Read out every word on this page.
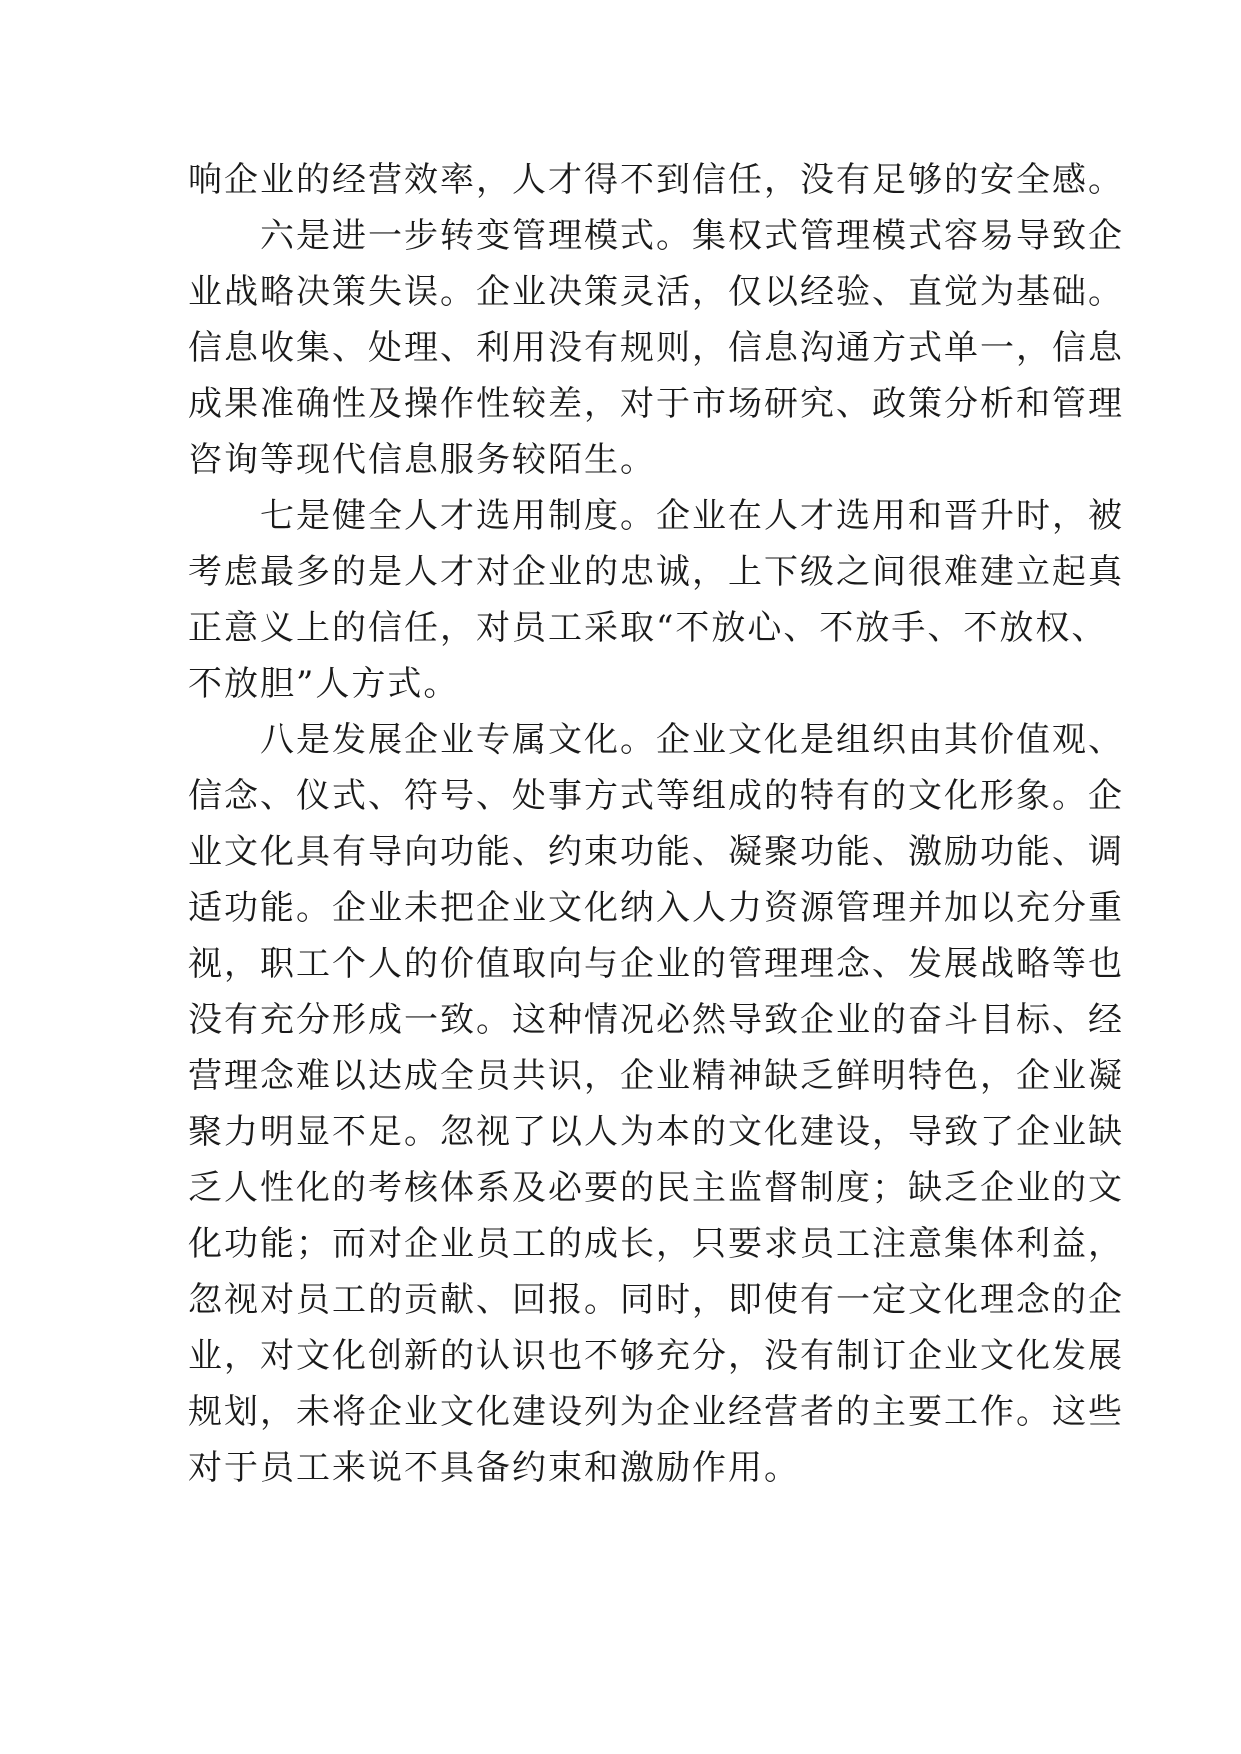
响企业的经营效率，人才得不到信任，没有足够的安全感。
　　六是进一步转变管理模式。集权式管理模式容易导致企
业战略决策失误。企业决策灵活，仅以经验、直觉为基础。
信息收集、处理、利用没有规则，信息沟通方式单一，信息
成果准确性及操作性较差，对于市场研究、政策分析和管理
咨询等现代信息服务较陌生。
　　七是健全人才选用制度。企业在人才选用和晋升时，被
考虑最多的是人才对企业的忠诚，上下级之间很难建立起真
正意义上的信任，对员工采取“不放心、不放手、不放权、
不放胆”人方式。
　　八是发展企业专属文化。企业文化是组织由其价值观、
信念、仪式、符号、处事方式等组成的特有的文化形象。企
业文化具有导向功能、约束功能、凝聚功能、激励功能、调
适功能。企业未把企业文化纳入人力资源管理并加以充分重
视，职工个人的价值取向与企业的管理理念、发展战略等也
没有充分形成一致。这种情况必然导致企业的奋斗目标、经
营理念难以达成全员共识，企业精神缺乏鲜明特色，企业凝
聚力明显不足。忽视了以人为本的文化建设，导致了企业缺
乏人性化的考核体系及必要的民主监督制度；缺乏企业的文
化功能；而对企业员工的成长，只要求员工注意集体利益，
忽视对员工的贡献、回报。同时，即使有一定文化理念的企
业，对文化创新的认识也不够充分，没有制订企业文化发展
规划，未将企业文化建设列为企业经营者的主要工作。这些
对于员工来说不具备约束和激励作用。
